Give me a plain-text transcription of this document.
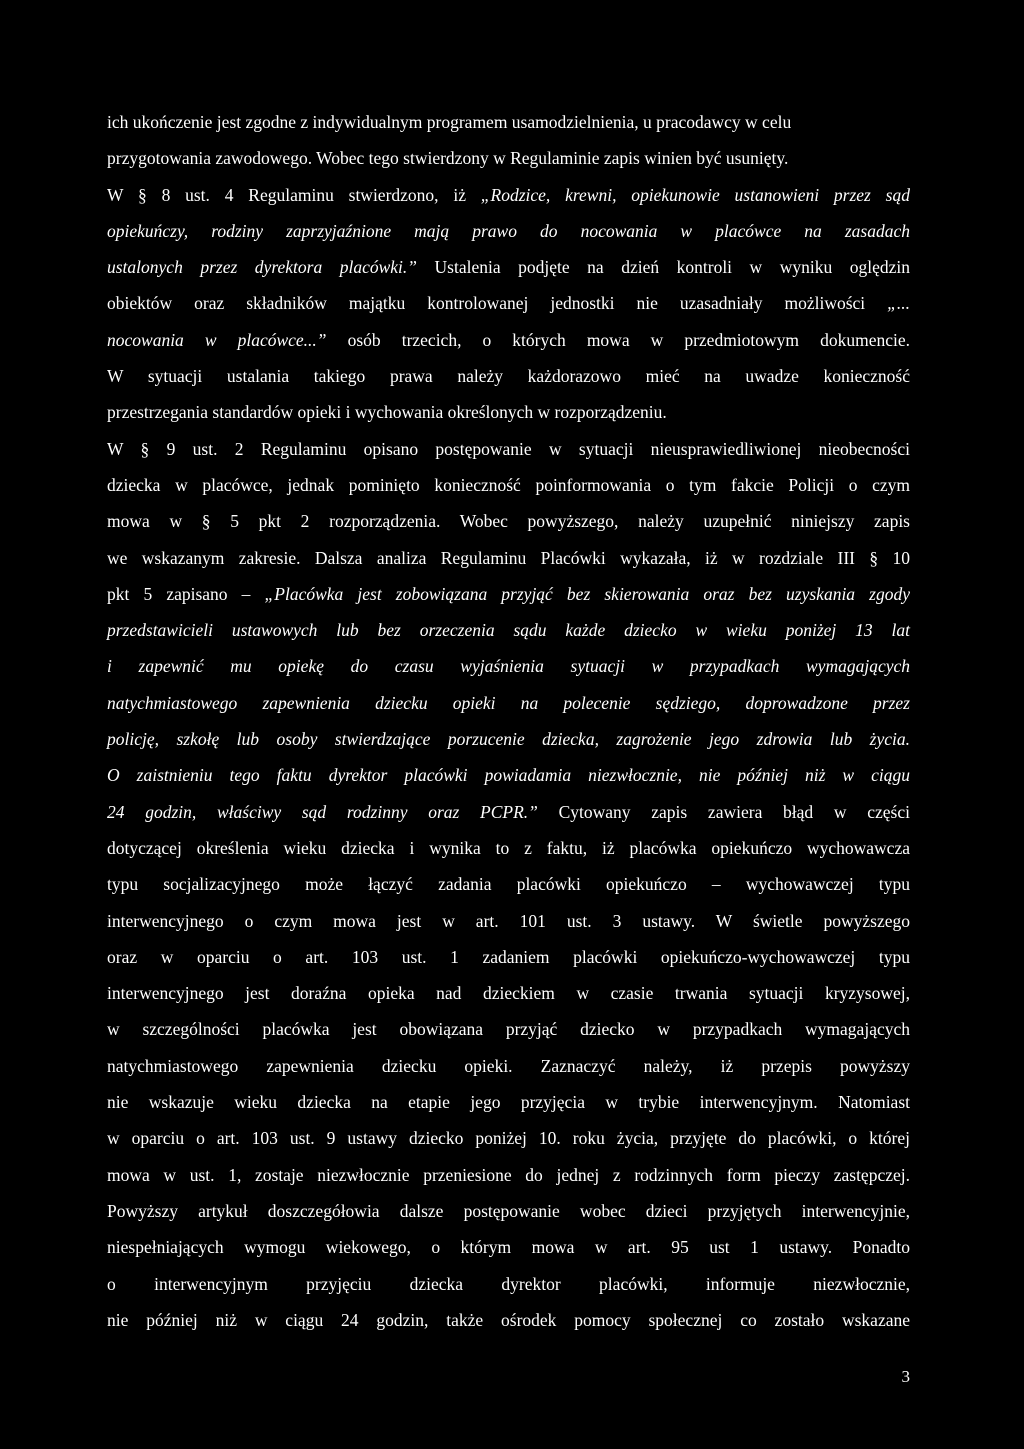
ich ukończenie jest zgodne z indywidualnym programem usamodzielnienia, u pracodawcy w celu
przygotowania zawodowego. Wobec tego stwierdzony w Regulaminie zapis winien być usunięty.
W § 8 ust. 4 Regulaminu stwierdzono, iż „Rodzice, krewni, opiekunowie ustanowieni przez sąd
opiekuńczy, rodziny zaprzyjaźnione mają prawo do nocowania w placówce na zasadach
ustalonych przez dyrektora placówki.” Ustalenia podjęte na dzień kontroli w wyniku oględzin
obiektów oraz składników majątku kontrolowanej jednostki nie uzasadniały możliwości „...
nocowania w placówce...” osób trzecich, o których mowa w przedmiotowym dokumencie.
W sytuacji ustalania takiego prawa należy każdorazowo mieć na uwadze konieczność
przestrzegania standardów opieki i wychowania określonych w rozporządzeniu.
W § 9 ust. 2 Regulaminu opisano postępowanie w sytuacji nieusprawiedliwionej nieobecności
dziecka w placówce, jednak pominięto konieczność poinformowania o tym fakcie Policji o czym
mowa w § 5 pkt 2 rozporządzenia. Wobec powyższego, należy uzupełnić niniejszy zapis
we wskazanym zakresie. Dalsza analiza Regulaminu Placówki wykazała, iż w rozdziale III § 10
pkt 5 zapisano – „Placówka jest zobowiązana przyjąć bez skierowania oraz bez uzyskania zgody
przedstawicieli ustawowych lub bez orzeczenia sądu każde dziecko w wieku poniżej 13 lat
i zapewnić mu opiekę do czasu wyjaśnienia sytuacji w przypadkach wymagających
natychmiastowego zapewnienia dziecku opieki na polecenie sędziego, doprowadzone przez
policję, szkołę lub osoby stwierdzające porzucenie dziecka, zagrożenie jego zdrowia lub życia.
O zaistnieniu tego faktu dyrektor placówki powiadamia niezwłocznie, nie później niż w ciągu
24 godzin, właściwy sąd rodzinny oraz PCPR.” Cytowany zapis zawiera błąd w części
dotyczącej określenia wieku dziecka i wynika to z faktu, iż placówka opiekuńczo wychowawcza
typu socjalizacyjnego może łączyć zadania placówki opiekuńczo – wychowawczej typu
interwencyjnego o czym mowa jest w art. 101 ust. 3 ustawy. W świetle powyższego
oraz w oparciu o art. 103 ust. 1 zadaniem placówki opiekuńczo-wychowawczej typu
interwencyjnego jest doraźna opieka nad dzieckiem w czasie trwania sytuacji kryzysowej,
w szczególności placówka jest obowiązana przyjąć dziecko w przypadkach wymagających
natychmiastowego zapewnienia dziecku opieki. Zaznaczyć należy, iż przepis powyższy
nie wskazuje wieku dziecka na etapie jego przyjęcia w trybie interwencyjnym. Natomiast
w oparciu o art. 103 ust. 9 ustawy dziecko poniżej 10. roku życia, przyjęte do placówki, o której
mowa w ust. 1, zostaje niezwłocznie przeniesione do jednej z rodzinnych form pieczy zastępczej.
Powyższy artykuł doszczegółowia dalsze postępowanie wobec dzieci przyjętych interwencyjnie,
niespełniających wymogu wiekowego, o którym mowa w art. 95 ust 1 ustawy. Ponadto
o interwencyjnym przyjęciu dziecka dyrektor placówki, informuje niezwłocznie,
nie później niż w ciągu 24 godzin, także ośrodek pomocy społecznej co zostało wskazane
3
